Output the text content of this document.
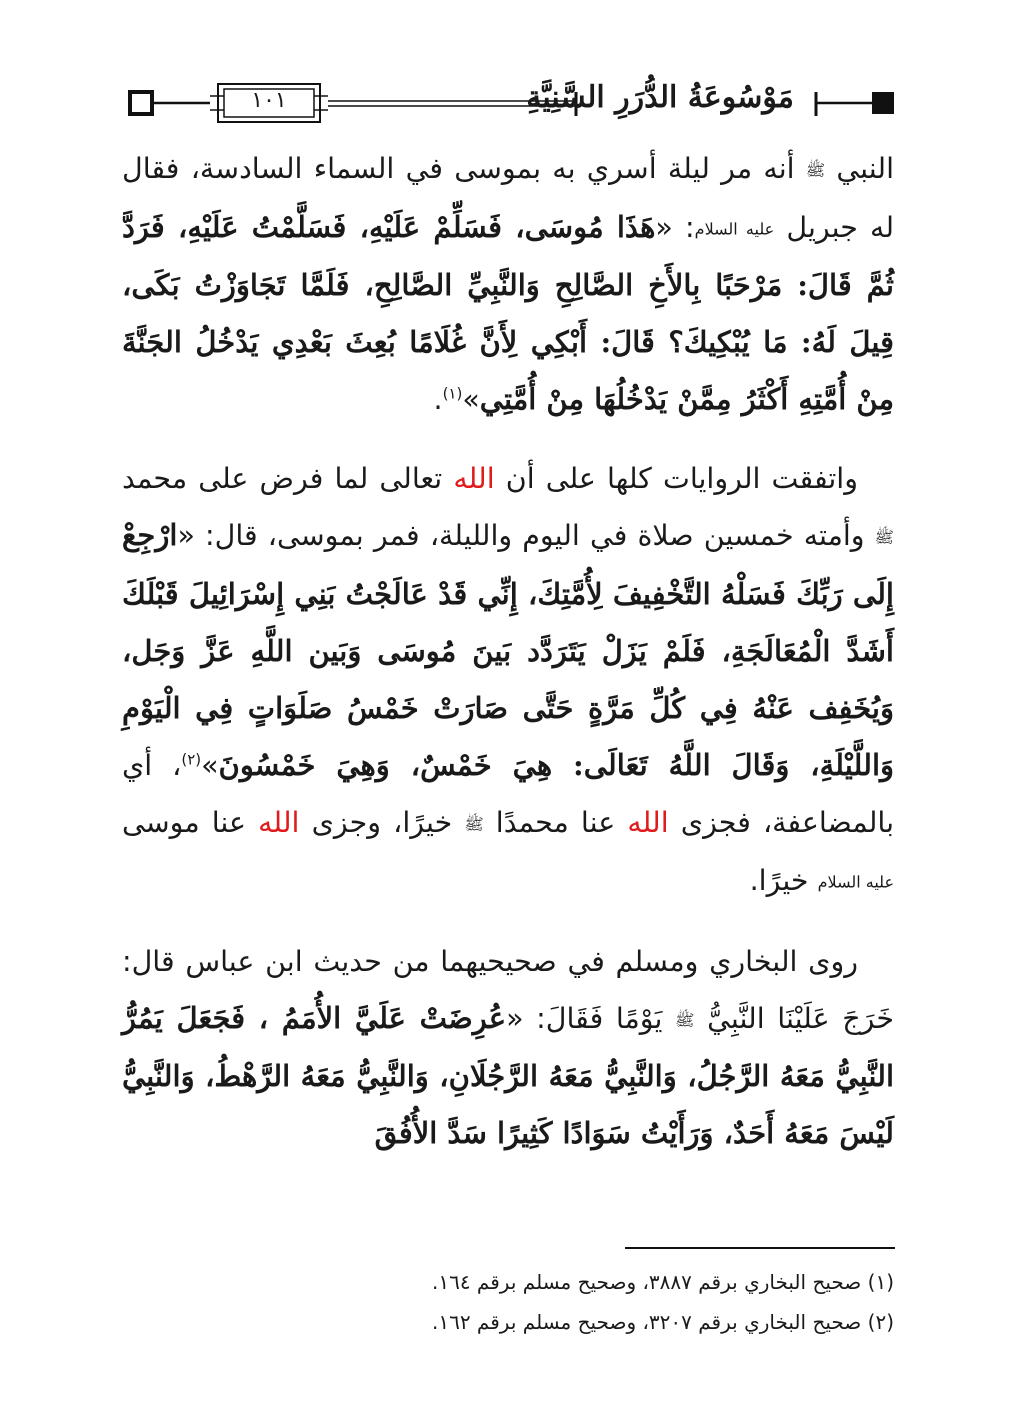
١٠١	مَوْسُوعَةُ الدُّرَرِ السَّنِيَّةِ

النبي ﷺ أنه مر ليلة أسري به بموسى في السماء السادسة، فقال له جبريل عليه السلام: «هَذَا مُوسَى، فَسَلِّمْ عَلَيْهِ، فَسَلَّمْتُ عَلَيْهِ، فَرَدَّ ثُمَّ قَالَ: مَرْحَبًا بِالأَخِ الصَّالِحِ وَالنَّبِيِّ الصَّالِحِ، فَلَمَّا تَجَاوَزْتُ بَكَى، قِيلَ لَهُ: مَا يُبْكِيكَ؟ قَالَ: أَبْكِي لِأَنَّ غُلَامًا بُعِثَ بَعْدِي يَدْخُلُ الجَنَّةَ مِنْ أُمَّتِهِ أَكْثَرُ مِمَّنْ يَدْخُلُهَا مِنْ أُمَّتِي»$^{(١)}$.

واتفقت الروايات كلها على أن الله تعالى لما فرض على محمد ﷺ وأمته خمسين صلاة في اليوم والليلة، فمر بموسى، قال: «ارْجِعْ إِلَى رَبِّكَ فَسَلْهُ التَّخْفِيفَ لِأُمَّتِكَ، إِنِّي قَدْ عَالَجْتُ بَنِي إِسْرَائِيلَ قَبْلَكَ أَشَدَّ الْمُعَالَجَةِ، فَلَمْ يَزَلْ يَتَرَدَّد بَينَ مُوسَى وَبَين اللَّهِ عَزَّ وَجَل، وَيُخَفِف عَنْهُ فِي كُلِّ مَرَّةٍ حَتَّى صَارَتْ خَمْسُ صَلَوَاتٍ فِي الْيَوْمِ وَاللَّيْلَةِ، وَقَالَ اللَّهُ تَعَالَى: هِيَ خَمْسٌ، وَهِيَ خَمْسُونَ»$^{(٢)}$، أي بالمضاعفة، فجزى الله عنا محمدًا ﷺ خيرًا، وجزى الله عنا موسى عليه السلام خيرًا.

روى البخاري ومسلم في صحيحيهما من حديث ابن عباس قال: خَرَجَ عَلَيْنَا النَّبِيُّ ﷺ يَوْمًا فَقَالَ: «عُرِضَتْ عَلَيَّ الأُمَمُ ، فَجَعَلَ يَمُرُّ النَّبِيُّ مَعَهُ الرَّجُلُ، وَالنَّبِيُّ مَعَهُ الرَّجُلَانِ، وَالنَّبِيُّ مَعَهُ الرَّهْطُ، وَالنَّبِيُّ لَيْسَ مَعَهُ أَحَدٌ، وَرَأَيْتُ سَوَادًا كَثِيرًا سَدَّ الأُفُقَ

(١) صحيح البخاري برقم ٣٨٨٧، وصحيح مسلم برقم ١٦٤.
(٢) صحيح البخاري برقم ٣٢٠٧، وصحيح مسلم برقم ١٦٢.
